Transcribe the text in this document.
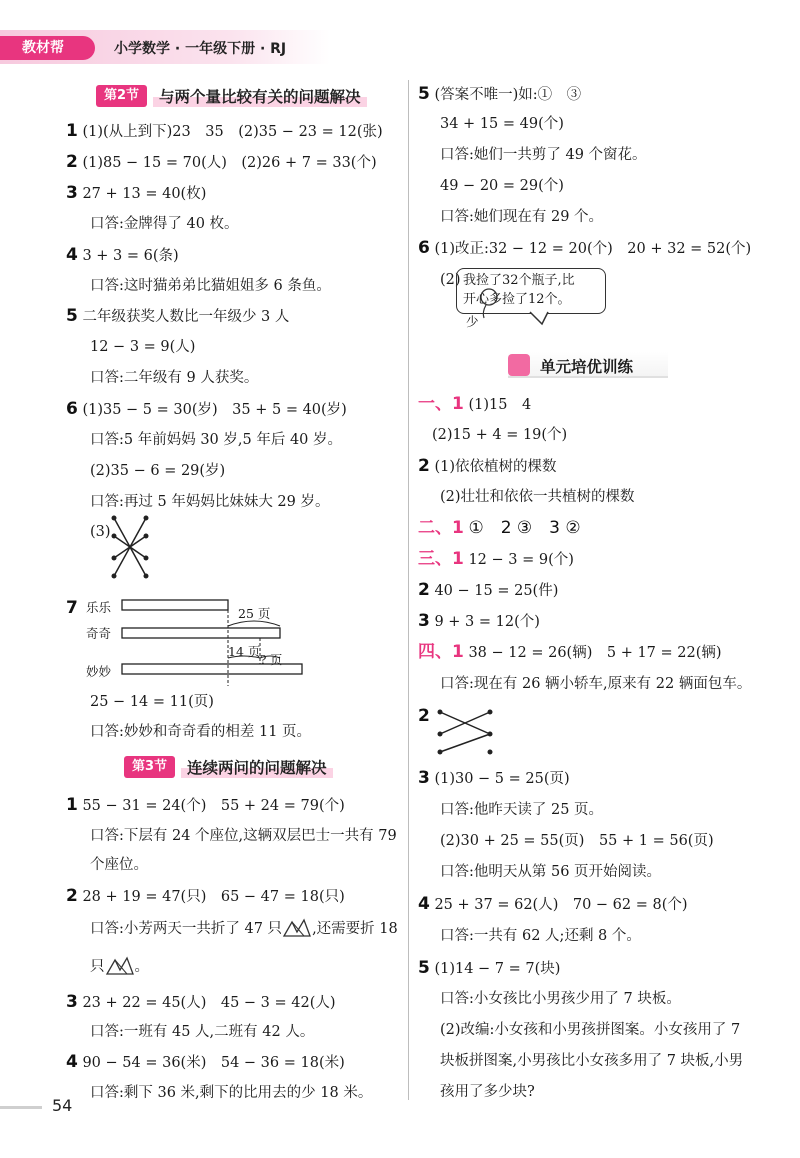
教材帮	小学数学 · 一年级下册 · RJ
第2节	与两个量比较有关的问题解决
1 (1)(从上到下)23　35　(2)35 − 23 = 12(张)
2 (1)85 − 15 = 70(人)　(2)26 + 7 = 33(个)
3 27 + 13 = 40(枚)
口答:金牌得了 40 枚。
4 3 + 3 = 6(条)
口答:这时猫弟弟比猫姐姐多 6 条鱼。
5 二年级获奖人数比一年级少 3 人
12 − 3 = 9(人)
口答:二年级有 9 人获奖。
6 (1)35 − 5 = 30(岁)　35 + 5 = 40(岁)
口答:5 年前妈妈 30 岁,5 年后 40 岁。
(2)35 − 6 = 29(岁)
口答:再过 5 年妈妈比妹妹大 29 岁。
(3)
7 乐乐
奇奇
妙妙
25 页
14 页
? 页
25 − 14 = 11(页)
口答:妙妙和奇奇看的相差 11 页。
第3节	连续两问的问题解决
1 55 − 31 = 24(个)　55 + 24 = 79(个)
口答:下层有 24 个座位,这辆双层巴士一共有 79
个座位。
2 28 + 19 = 47(只)　65 − 47 = 18(只)
口答:小芳两天一共折了 47 只 ,还需要折 18
只 。
3 23 + 22 = 45(人)　45 − 3 = 42(人)
口答:一班有 45 人,二班有 42 人。
4 90 − 54 = 36(米)　54 − 36 = 18(米)
口答:剩下 36 米,剩下的比用去的少 18 米。
5 (答案不唯一)如:①　③
34 + 15 = 49(个)
口答:她们一共剪了 49 个窗花。
49 − 20 = 29(个)
口答:她们现在有 29 个。
6 (1)改正:32 − 12 = 20(个)　20 + 32 = 52(个)
(2) 我捡了32个瓶子,比
开心多捡了12个。
少
单元培优训练
一、1 (1)15　4
(2)15 + 4 = 19(个)
2 (1)依依植树的棵数
(2)壮壮和依依一共植树的棵数
二、1 ①　2 ③　3 ②
三、1 12 − 3 = 9(个)
2 40 − 15 = 25(件)
3 9 + 3 = 12(个)
四、1 38 − 12 = 26(辆)　5 + 17 = 22(辆)
口答:现在有 26 辆小轿车,原来有 22 辆面包车。
2
3 (1)30 − 5 = 25(页)
口答:他昨天读了 25 页。
(2)30 + 25 = 55(页)　55 + 1 = 56(页)
口答:他明天从第 56 页开始阅读。
4 25 + 37 = 62(人)　70 − 62 = 8(个)
口答:一共有 62 人;还剩 8 个。
5 (1)14 − 7 = 7(块)
口答:小女孩比小男孩少用了 7 块板。
(2)改编:小女孩和小男孩拼图案。小女孩用了 7
块板拼图案,小男孩比小女孩多用了 7 块板,小男
孩用了多少块?
54
